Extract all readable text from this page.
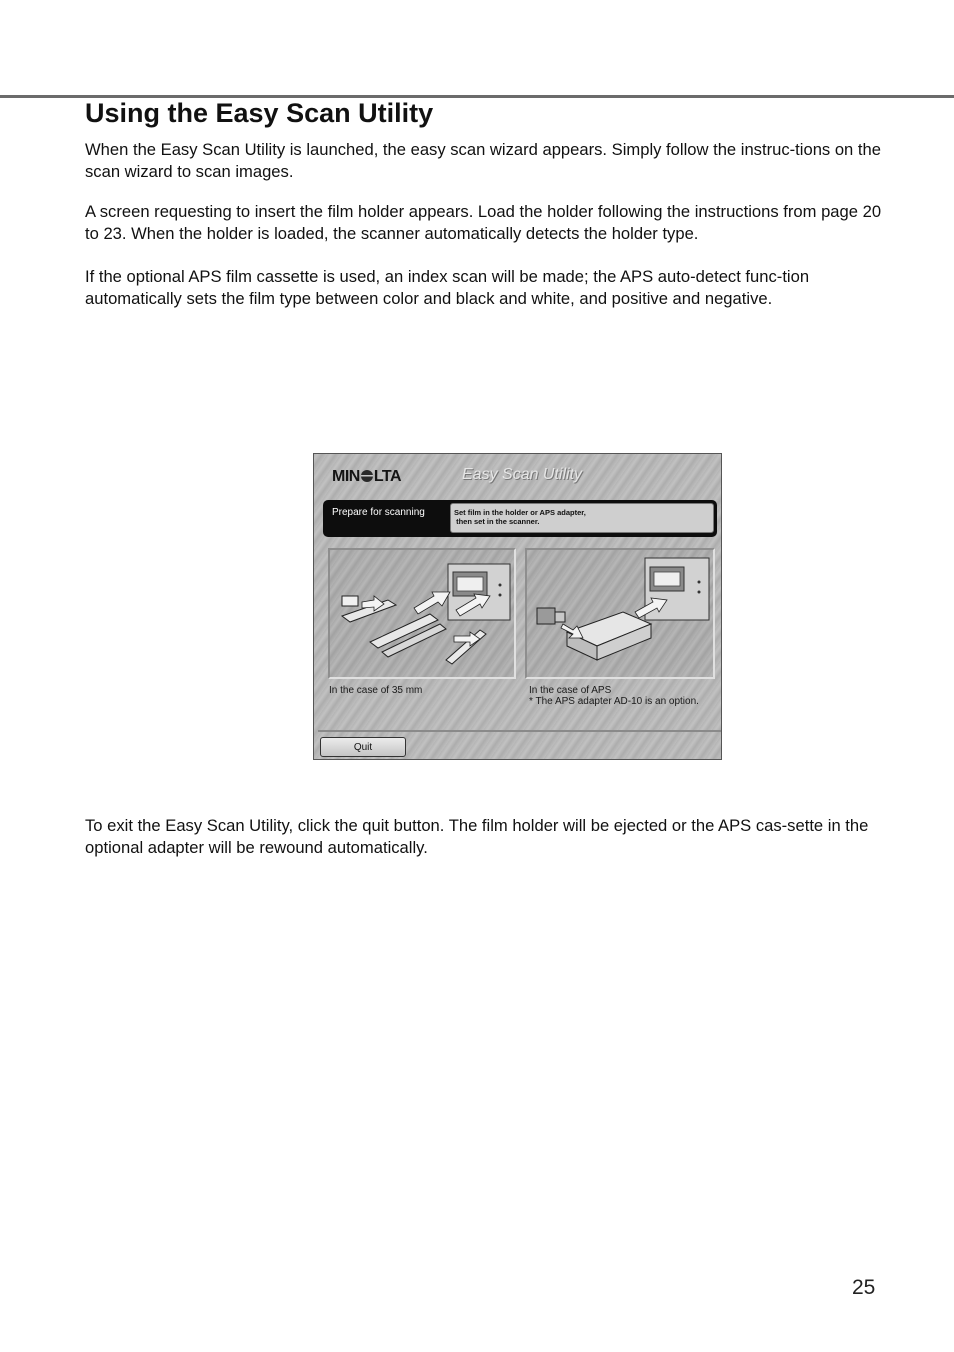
Using the Easy Scan Utility

When the Easy Scan Utility is launched, the easy scan wizard appears. Simply follow the instruc-tions on the scan wizard to scan images.

A screen requesting to insert the film holder appears. Load the holder following the instructions from page 20 to 23. When the holder is loaded, the scanner automatically detects the holder type.

If the optional APS film cassette is used, an index scan will be made; the APS auto-detect func-tion automatically sets the film type between color and black and white, and positive and negative.

MIN LTA	Easy Scan Utility
Prepare for scanning	Set film in the holder or APS adapter,
then set in the scanner.
In the case of 35 mm	In the case of APS
* The APS adapter AD-10 is an option.
Quit

To exit the Easy Scan Utility, click the quit button. The film holder will be ejected or the APS cas-sette in the optional adapter will be rewound automatically.

25
